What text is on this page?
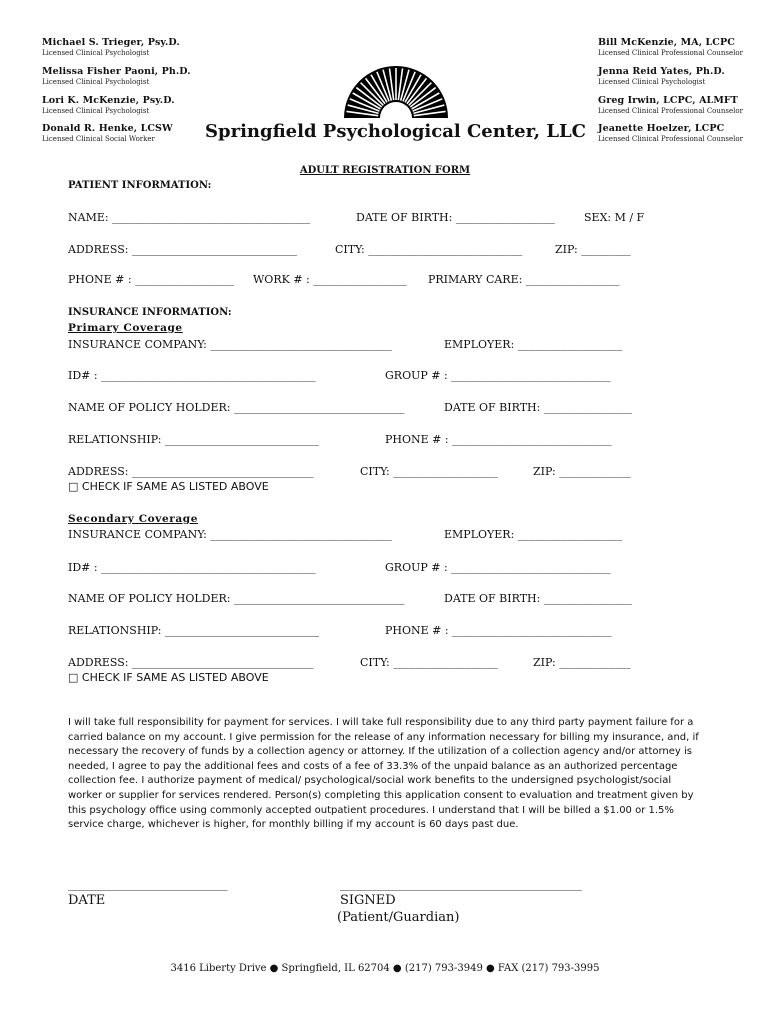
Michael S. Trieger, Psy.D.
Licensed Clinical Psychologist
Melissa Fisher Paoni, Ph.D.
Licensed Clinical Psychologist
Lori K. McKenzie, Psy.D.
Licensed Clinical Psychologist
Donald R. Henke, LCSW
Licensed Clinical Social Worker
Bill McKenzie, MA, LCPC
Licensed Clinical Professional Counselor
Jenna Reid Yates, Ph.D.
Licensed Clinical Psychologist
Greg Irwin, LCPC, ALMFT
Licensed Clinical Professional Counselor
Jeanette Hoelzer, LCPC
Licensed Clinical Professional Counselor
Springfield Psychological Center, LLC
ADULT REGISTRATION FORM
PATIENT INFORMATION:
NAME: ____________________________________	DATE OF BIRTH: __________________	SEX: M / F
ADDRESS: ______________________________	CITY: ____________________________	ZIP: _________
PHONE # : __________________ WORK # : _________________ PRIMARY CARE: _________________
INSURANCE INFORMATION:
Primary Coverage
INSURANCE COMPANY: _________________________________	EMPLOYER: ___________________
ID# : _______________________________________	GROUP # : _____________________________
NAME OF POLICY HOLDER: _______________________________	DATE OF BIRTH: ________________
RELATIONSHIP: ____________________________	PHONE # : _____________________________
ADDRESS: _________________________________	CITY: ___________________	ZIP: _____________
□ CHECK IF SAME AS LISTED ABOVE
Secondary Coverage
INSURANCE COMPANY: _________________________________	EMPLOYER: ___________________
ID# : _______________________________________	GROUP # : _____________________________
NAME OF POLICY HOLDER: _______________________________	DATE OF BIRTH: ________________
RELATIONSHIP: ____________________________	PHONE # : _____________________________
ADDRESS: _________________________________	CITY: ___________________	ZIP: _____________
□ CHECK IF SAME AS LISTED ABOVE
I will take full responsibility for payment for services. I will take full responsibility due to any third party payment failure for a carried balance on my account. I give permission for the release of any information necessary for billing my insurance, and, if necessary the recovery of funds by a collection agency or attorney. If the utilization of a collection agency and/or attorney is needed, I agree to pay the additional fees and costs of a fee of 33.3% of the unpaid balance as an authorized percentage collection fee. I authorize payment of medical/ psychological/social work benefits to the undersigned psychologist/social worker or supplier for services rendered. Person(s) completing this application consent to evaluation and treatment given by this psychology office using commonly accepted outpatient procedures. I understand that I will be billed a $1.00 or 1.5% service charge, whichever is higher, for monthly billing if my account is 60 days past due.
_____________________________
DATE
____________________________________________
SIGNED
(Patient/Guardian)
3416 Liberty Drive ● Springfield, IL 62704 ● (217) 793-3949 ● FAX (217) 793-3995
